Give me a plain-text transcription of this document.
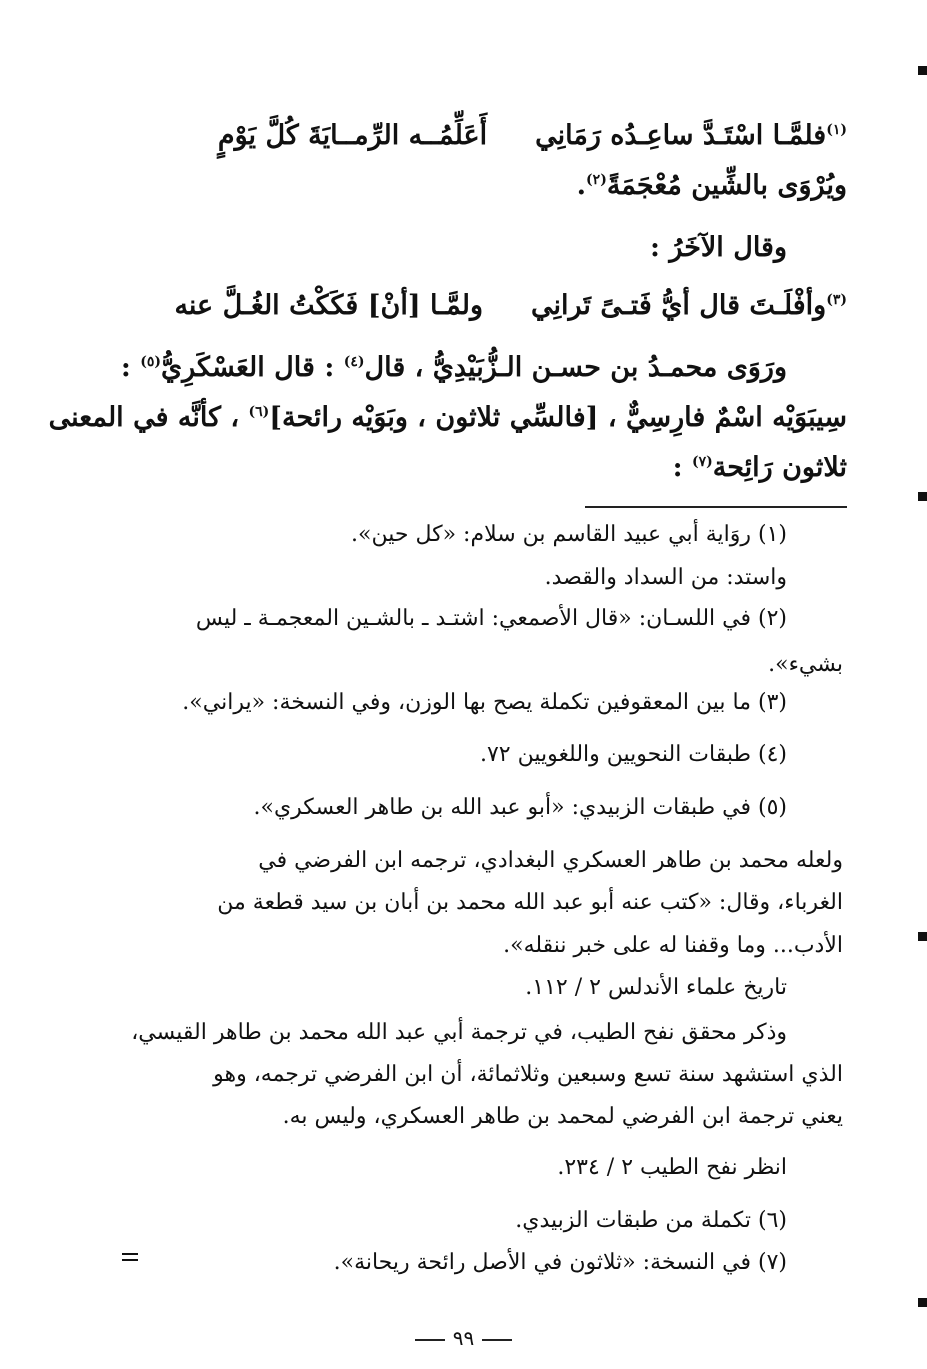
أَعَلِّمُــه الرِّمــايَةَ كُلَّ يَوْمٍ فلمَّـا اسْتَـدَّ ساعِـدُه رَمَانِي$^{(١)}$
ويُرْوَى بالشِّين مُعْجَمَةً$^{(٢)}$.
وقال الآخَرُ :
ولمَّـا [أنْ] فَكَكْتُ الغُـلَّ عنه وأفْلَـتَ قال أيُّ فَتـىً تَرانِي$^{(٣)}$
ورَوَى محمـدُ بن حسـن الـزُّبَيْدِيُّ ، قال$^{(٤)}$ : قال العَسْكَرِيُّ$^{(٥)}$ :
سِيبَوَيْه اسْمٌ فارِسِيٌّ ، [فالسِّي ثلاثون ، وبَوَيْه رائحة]$^{(٦)}$ ، كأنَّه في المعنى
ثلاثون رَائِحة$^{(٧)}$ :
(١) روَاية أبي عبيد القاسم بن سلام: «كل حين».
واستد: من السداد والقصد.
(٢) في اللسـان: «قال الأصمعي: اشتـد ـ بالشـين المعجمـة ـ ليس
بشيء».
(٣) ما بين المعقوفين تكملة يصح بها الوزن، وفي النسخة: «يراني».
(٤) طبقات النحويين واللغويين ٧٢.
(٥) في طبقات الزبيدي: «أبو عبد الله بن طاهر العسكري».
ولعله محمد بن طاهر العسكري البغدادي، ترجمه ابن الفرضي في
الغرباء، وقال: «كتب عنه أبو عبد الله محمد بن أبان بن سيد قطعة من
الأدب... وما وقفنا له على خبر ننقله».
تاريخ علماء الأندلس ٢ / ١١٢.
وذكر محقق نفح الطيب، في ترجمة أبي عبد الله محمد بن طاهر القيسي،
الذي استشهد سنة تسع وسبعين وثلاثمائة، أن ابن الفرضي ترجمه، وهو
يعني ترجمة ابن الفرضي لمحمد بن طاهر العسكري، وليس به.
انظر نفح الطيب ٢ / ٢٣٤.
(٦) تكملة من طبقات الزبيدي.
(٧) في النسخة: «ثلاثون في الأصل رائحة ريحانة».
٩٩
